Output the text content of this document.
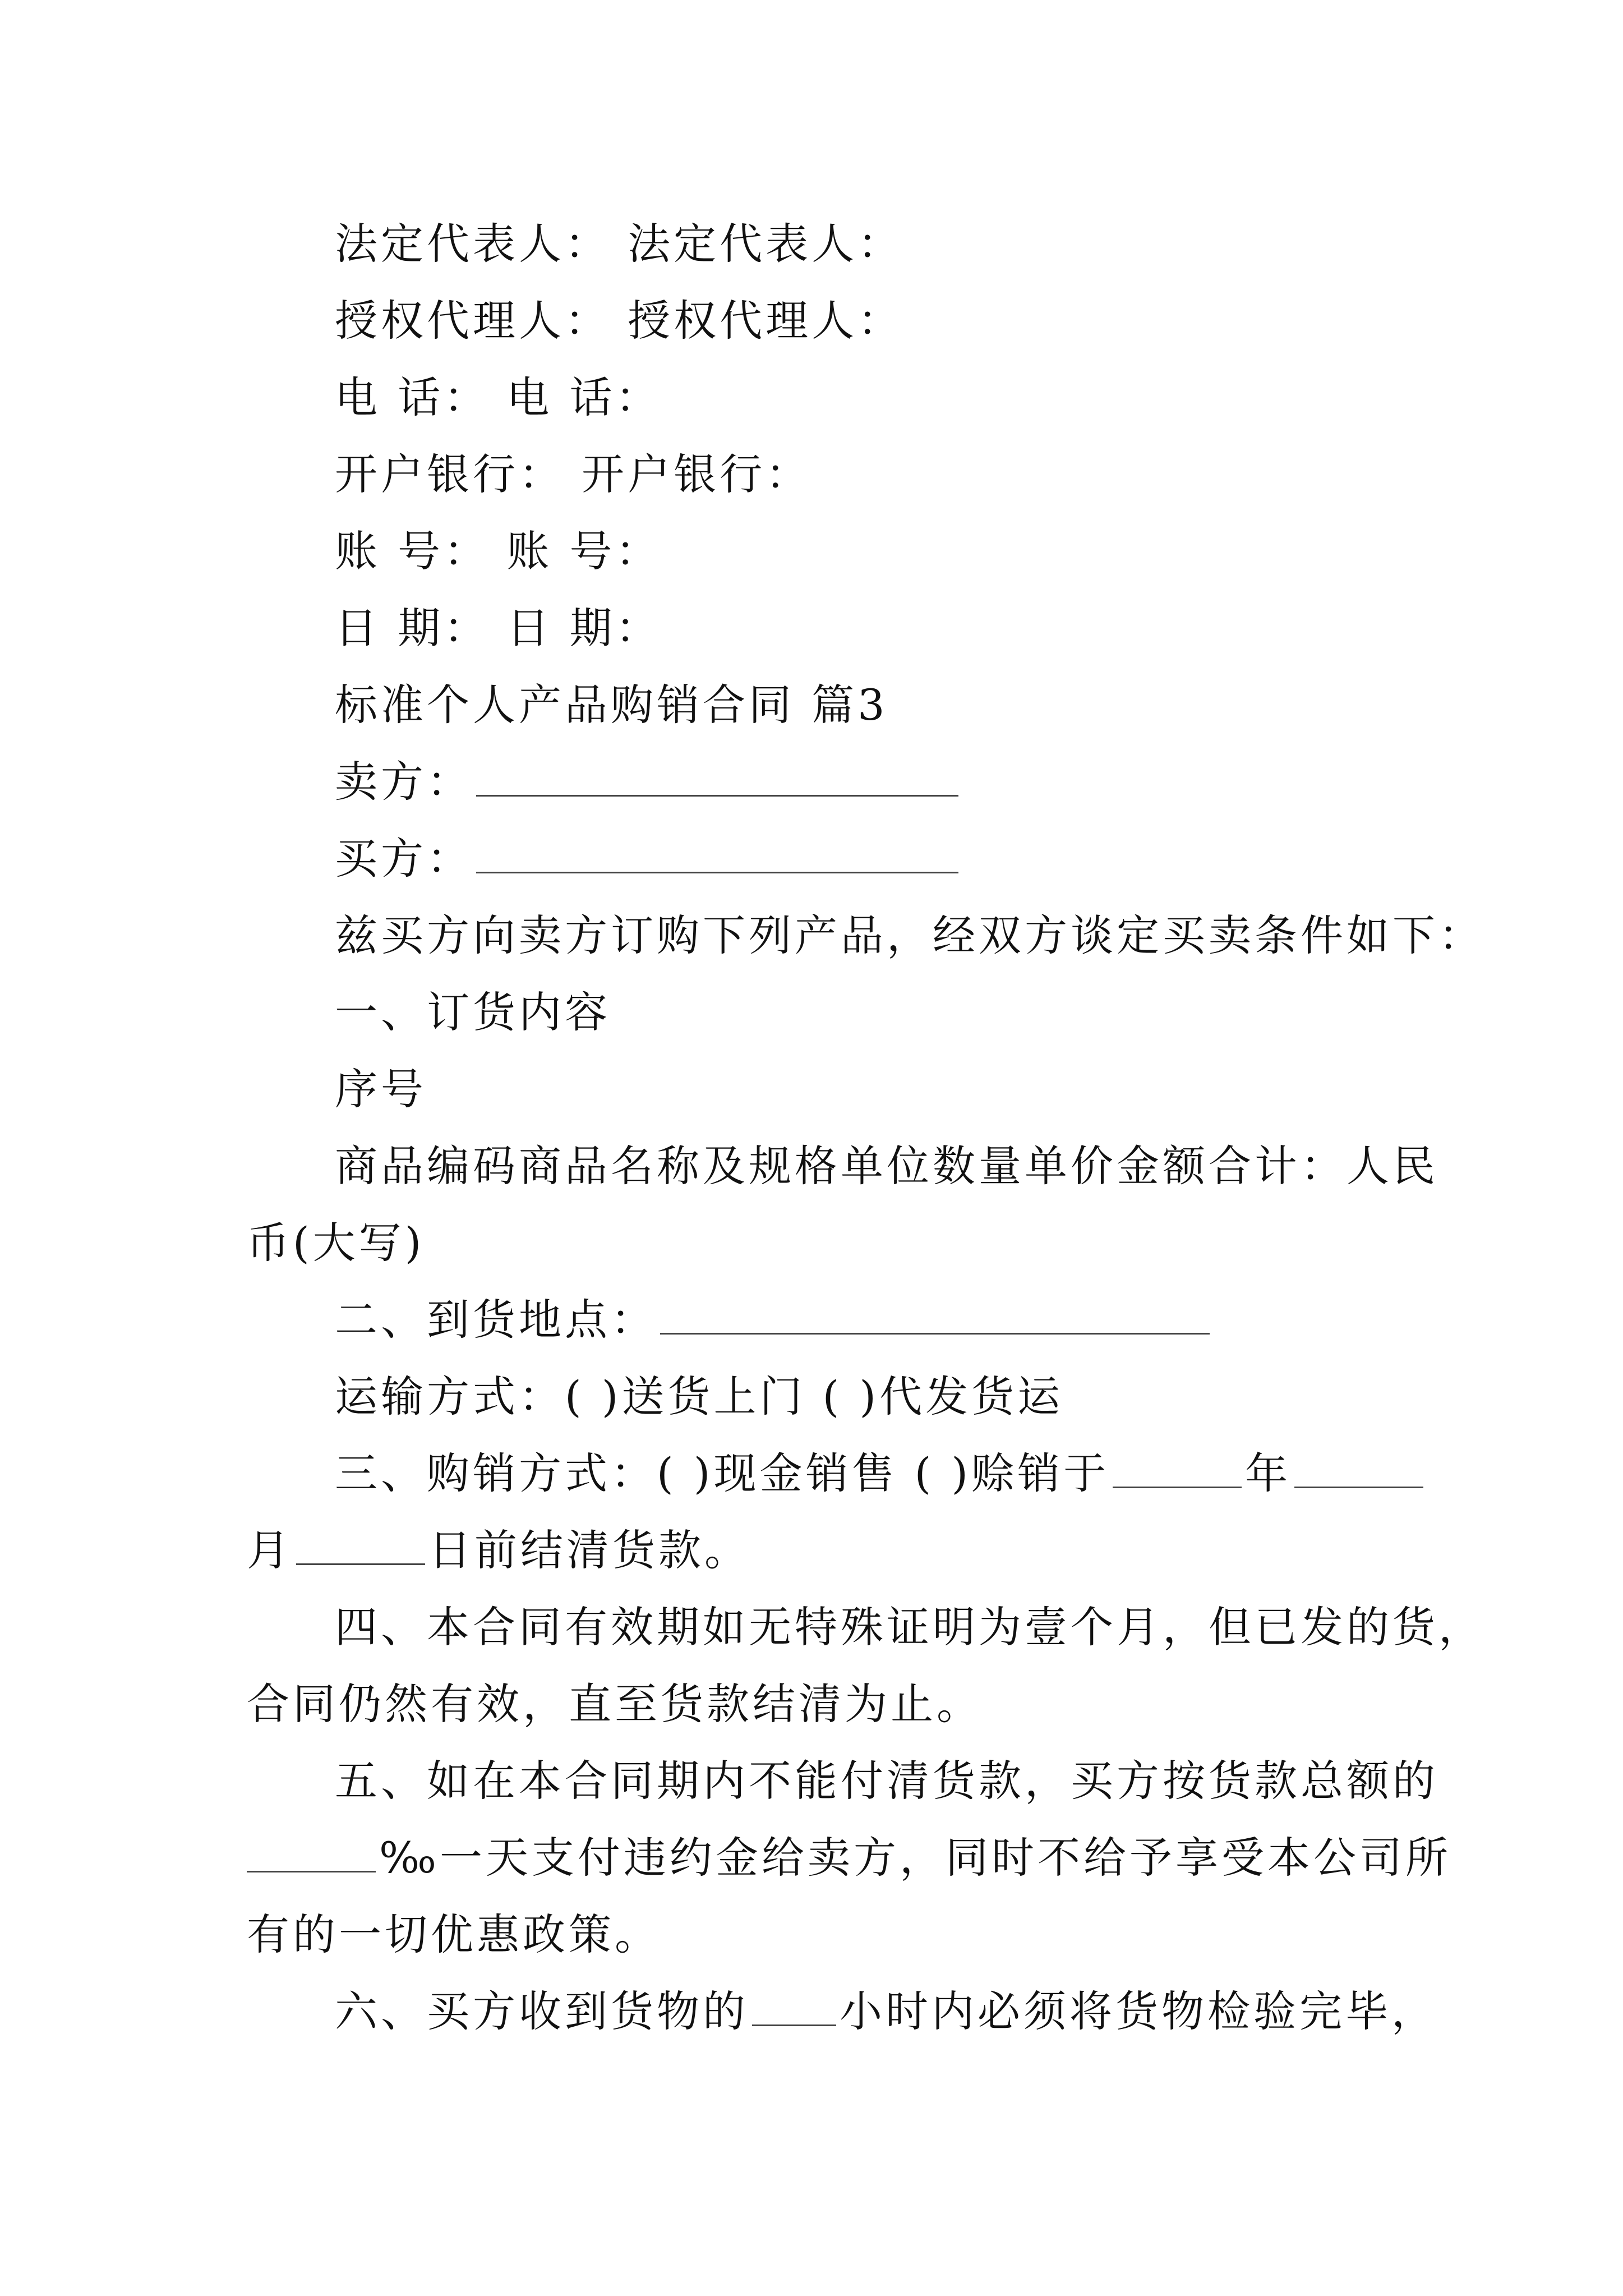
法定代表人： 法定代表人：
授权代理人： 授权代理人：
电 话： 电 话：
开户银行： 开户银行：
账 号： 账 号：
日 期： 日 期：
标准个人产品购销合同 篇3
卖方：
买方：
兹买方向卖方订购下列产品，经双方谈定买卖条件如下：
一、订货内容
序号
商品编码商品名称及规格单位数量单价金额合计：人民
币(大写)
二、到货地点：
运输方式：( )送货上门 ( )代发货运
三、购销方式：( )现金销售 ( )赊销于	年
月	日前结清货款。
四、本合同有效期如无特殊证明为壹个月，但已发的货，
合同仍然有效，直至货款结清为止。
五、如在本合同期内不能付清货款，买方按货款总额的
‰一天支付违约金给卖方，同时不给予享受本公司所
有的一切优惠政策。
六、买方收到货物的 小时内必须将货物检验完毕，
